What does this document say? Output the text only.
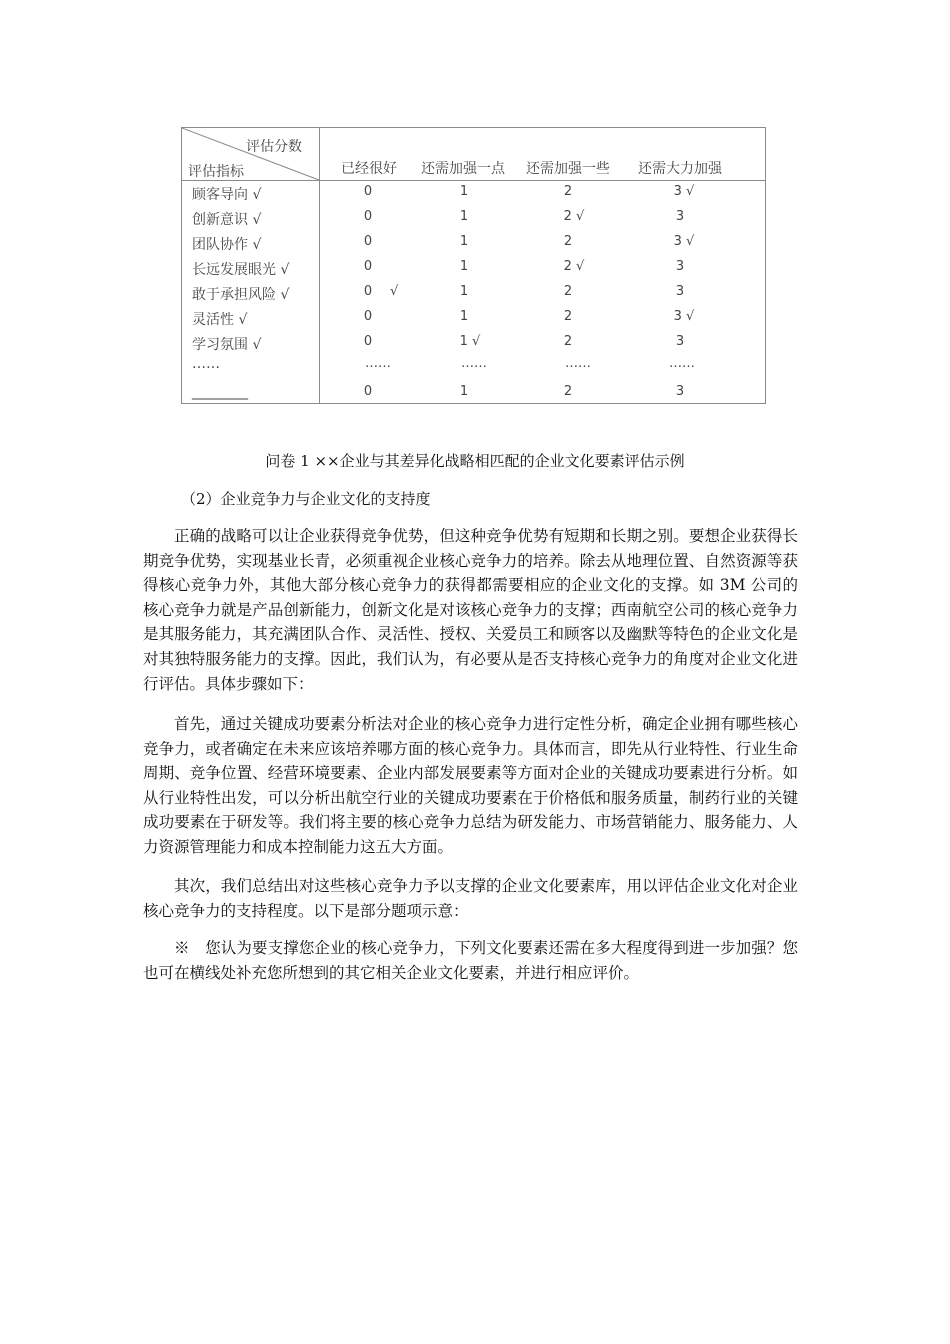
评估分数
评估指标	已经很好 还需加强一点 还需加强一些 还需大力加强
顾客导向 √	0	1	2	3 √
创新意识 √	0	1	2 √	3
团队协作 √	0	1	2	3 √
长远发展眼光 √	0	1	2 √	3
敢于承担风险 √	0 √	1	2	3
灵活性 √	0	1	2	3 √
学习氛围 √	0	1 √	2	3
……	……	……	……	……
________	0	1	2	3
问卷 1 ××企业与其差异化战略相匹配的企业文化要素评估示例
（2）企业竞争力与企业文化的支持度

正确的战略可以让企业获得竞争优势，但这种竞争优势有短期和长期之别。要想企业获得长期竞争优势，实现基业长青，必须重视企业核心竞争力的培养。除去从地理位置、自然资源等获得核心竞争力外，其他大部分核心竞争力的获得都需要相应的企业文化的支撑。如 3M 公司的核心竞争力就是产品创新能力，创新文化是对该核心竞争力的支撑；西南航空公司的核心竞争力是其服务能力，其充满团队合作、灵活性、授权、关爱员工和顾客以及幽默等特色的企业文化是对其独特服务能力的支撑。因此，我们认为，有必要从是否支持核心竞争力的角度对企业文化进行评估。具体步骤如下：

首先，通过关键成功要素分析法对企业的核心竞争力进行定性分析，确定企业拥有哪些核心竞争力，或者确定在未来应该培养哪方面的核心竞争力。具体而言，即先从行业特性、行业生命周期、竞争位置、经营环境要素、企业内部发展要素等方面对企业的关键成功要素进行分析。如从行业特性出发，可以分析出航空行业的关键成功要素在于价格低和服务质量，制药行业的关键成功要素在于研发等。我们将主要的核心竞争力总结为研发能力、市场营销能力、服务能力、人力资源管理能力和成本控制能力这五大方面。

其次，我们总结出对这些核心竞争力予以支撑的企业文化要素库，用以评估企业文化对企业核心竞争力的支持程度。以下是部分题项示意：

※　您认为要支撑您企业的核心竞争力，下列文化要素还需在多大程度得到进一步加强？您也可在横线处补充您所想到的其它相关企业文化要素，并进行相应评价。
